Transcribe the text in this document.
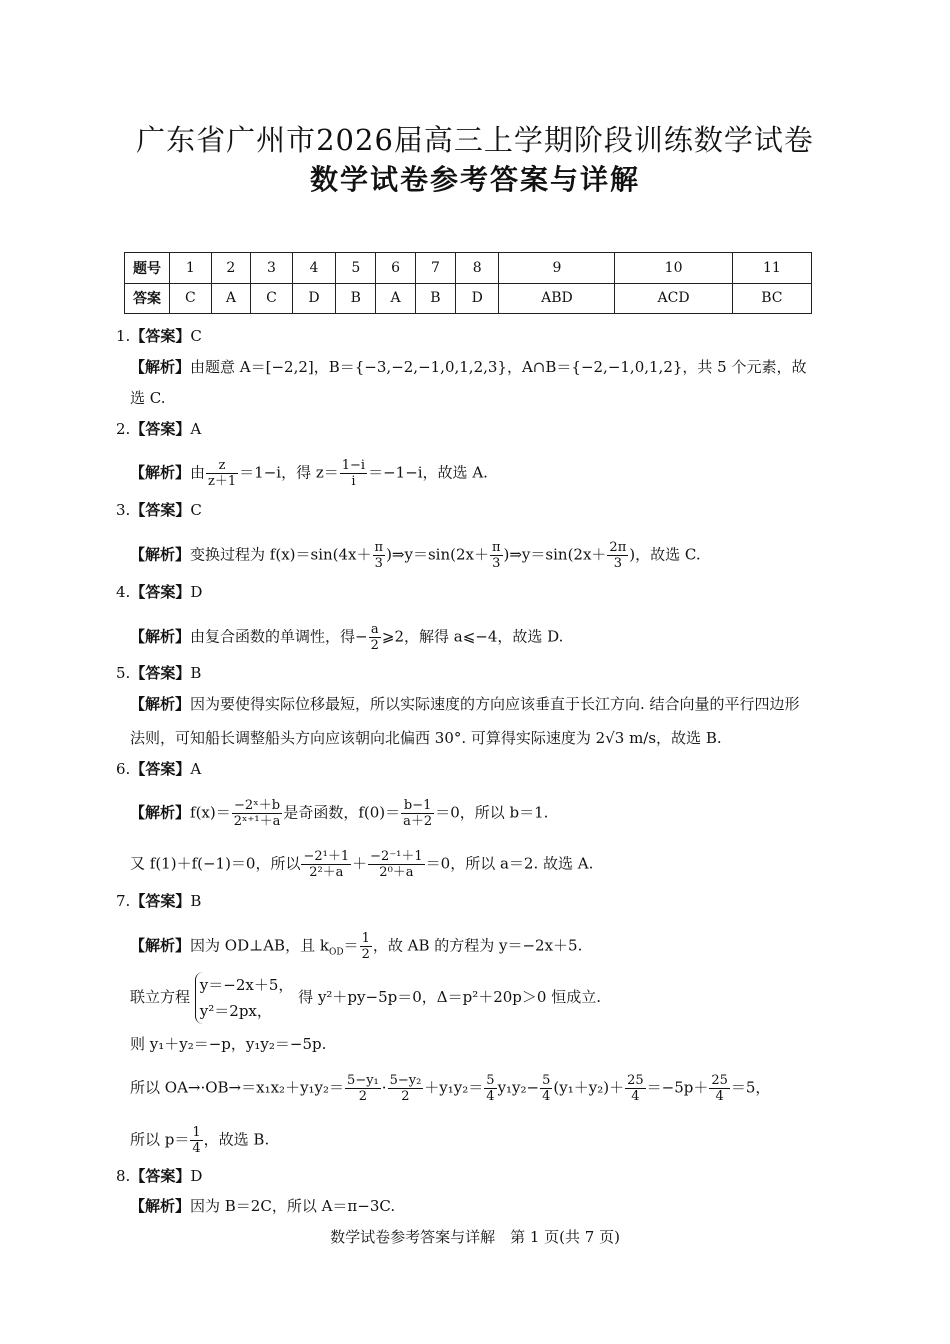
广东省广州市2026届高三上学期阶段训练数学试卷
数学试卷参考答案与详解
题号	1	2	3	4	5	6	7	8	9	10	11
答案	C	A	C	D	B	A	B	D	ABD	ACD	BC
1.【答案】C
【解析】由题意 A＝[−2,2]，B＝{−3,−2,−1,0,1,2,3}，A∩B＝{−2,−1,0,1,2}，共 5 个元素，故
选 C.
2.【答案】A
【解析】由 $\frac{z}{z+1} =1-i$，得 $z= \frac{1-i}{i} =-1-i$，故选 A.
3.【答案】C
【解析】变换过程为 $f(x)=\sin(4x+ \frac{\pi}{3}$ )⇒y＝sin(2x＋ $\frac{\pi}{3}$ )⇒y＝sin(2x＋ $\frac{2\pi}{3}$ )，故选 C.
4.【答案】D
【解析】由复合函数的单调性，得− $\frac{a}{2}$ ⩾2，解得 a⩽−4，故选 D.
5.【答案】B
【解析】因为要使得实际位移最短，所以实际速度的方向应该垂直于长江方向. 结合向量的平行四边形
法则，可知船长调整船头方向应该朝向北偏西 30°. 可算得实际速度为 2√3 m/s，故选 B.
6.【答案】A
【解析】$f(x)= \frac{\text{−2ˣ＋b}}{\text{2ˣ⁺¹＋a}}$ 是奇函数，$f(0)= \frac{b-1}{a+2} =0$，所以 b＝1.
又 f(1)＋f(−1)＝0，所以 $\frac{\text{−2¹＋1}}{\text{2²＋a}} + \frac{\text{−2⁻¹＋1}}{\text{2⁰＋a}} =0$，所以 a＝2. 故选 A.
7.【答案】B
【解析】因为 OD⊥AB，且 $k_{OD}= \frac{1}{2}$ ，故 AB 的方程为 y＝−2x＋5.
联立方程
y＝−2x＋5，
y²＝2px，
得 y²＋py−5p＝0，Δ＝p²＋20p＞0 恒成立.
则 y₁＋y₂＝−p，y₁y₂＝−5p.
所以 $OA\to\cdot OB\to=x_1x_2+y_1y_2= \frac{\text{5−y₁}}{2} \cdot \frac{\text{5−y₂}}{2} +y_1y_2= \frac{5}{4} y_1y_2- \frac{5}{4} (y_1+y_2)+ \frac{25}{4} =-5p+ \frac{25}{4} =5$，
所以 $p= \frac{1}{4}$ ，故选 B.
8.【答案】D
【解析】因为 B＝2C，所以 A＝π−3C.
数学试卷参考答案与详解　第 1 页(共 7 页)
